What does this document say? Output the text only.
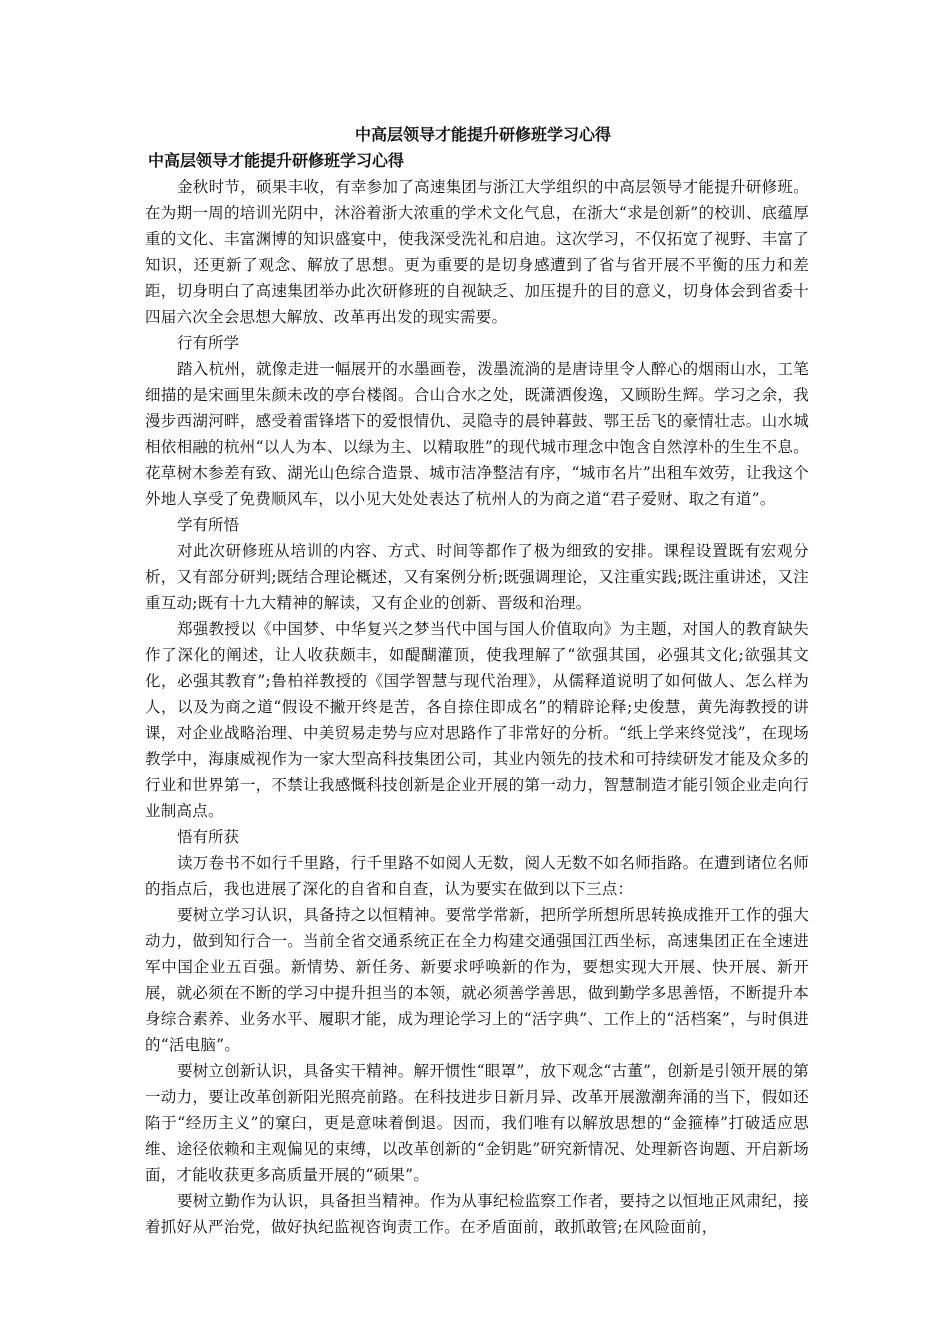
中高层领导才能提升研修班学习心得
中高层领导才能提升研修班学习心得

金秋时节，硕果丰收，有幸参加了高速集团与浙江大学组织的中高层领导才能提升研修班。在为期一周的培训光阴中，沐浴着浙大浓重的学术文化气息，在浙大“求是创新”的校训、底蕴厚重的文化、丰富渊博的知识盛宴中，使我深受洗礼和启迪。这次学习，不仅拓宽了视野、丰富了知识，还更新了观念、解放了思想。更为重要的是切身感遭到了省与省开展不平衡的压力和差距，切身明白了高速集团举办此次研修班的自视缺乏、加压提升的目的意义，切身体会到省委十四届六次全会思想大解放、改革再出发的现实需要。

行有所学

踏入杭州，就像走进一幅展开的水墨画卷，泼墨流淌的是唐诗里令人醉心的烟雨山水，工笔细描的是宋画里朱颜未改的亭台楼阁。合山合水之处，既潇洒俊逸，又顾盼生辉。学习之余，我漫步西湖河畔，感受着雷锋塔下的爱恨情仇、灵隐寺的晨钟暮鼓、鄂王岳飞的豪情壮志。山水城相依相融的杭州“以人为本、以绿为主、以精取胜”的现代城市理念中饱含自然淳朴的生生不息。花草树木参差有致、湖光山色综合造景、城市洁净整洁有序，“城市名片”出租车效劳，让我这个外地人享受了免费顺风车，以小见大处处表达了杭州人的为商之道“君子爱财、取之有道”。

学有所悟

对此次研修班从培训的内容、方式、时间等都作了极为细致的安排。课程设置既有宏观分析，又有部分研判;既结合理论概述，又有案例分析;既强调理论，又注重实践;既注重讲述，又注重互动;既有十九大精神的解读，又有企业的创新、晋级和治理。

郑强教授以《中国梦、中华复兴之梦当代中国与国人价值取向》为主题，对国人的教育缺失作了深化的阐述，让人收获颇丰，如醍醐灌顶，使我理解了“欲强其国，必强其文化;欲强其文化，必强其教育”;鲁柏祥教授的《国学智慧与现代治理》，从儒释道说明了如何做人、怎么样为人，以及为商之道“假设不撇开终是苦，各自捺住即成名”的精辟论释;史俊慧，黄先海教授的讲课，对企业战略治理、中美贸易走势与应对思路作了非常好的分析。“纸上学来终觉浅”，在现场教学中，海康威视作为一家大型高科技集团公司，其业内领先的技术和可持续研发才能及众多的行业和世界第一，不禁让我感慨科技创新是企业开展的第一动力，智慧制造才能引领企业走向行业制高点。

悟有所获

读万卷书不如行千里路，行千里路不如阅人无数，阅人无数不如名师指路。在遭到诸位名师的指点后，我也进展了深化的自省和自查，认为要实在做到以下三点：

要树立学习认识，具备持之以恒精神。要常学常新，把所学所想所思转换成推开工作的强大动力，做到知行合一。当前全省交通系统正在全力构建交通强国江西坐标，高速集团正在全速进军中国企业五百强。新情势、新任务、新要求呼唤新的作为，要想实现大开展、快开展、新开展，就必须在不断的学习中提升担当的本领，就必须善学善思，做到勤学多思善悟，不断提升本身综合素养、业务水平、履职才能，成为理论学习上的“活字典”、工作上的“活档案”，与时俱进的“活电脑”。

要树立创新认识，具备实干精神。解开惯性“眼罩”，放下观念“古董”，创新是引领开展的第一动力，要让改革创新阳光照亮前路。在科技进步日新月异、改革开展激潮奔涌的当下，假如还陷于“经历主义”的窠臼，更是意味着倒退。因而，我们唯有以解放思想的“金箍棒”打破适应思维、途径依赖和主观偏见的束缚，以改革创新的“金钥匙”研究新情况、处理新咨询题、开启新场面，才能收获更多高质量开展的“硕果”。

要树立勤作为认识，具备担当精神。作为从事纪检监察工作者，要持之以恒地正风肃纪，接着抓好从严治党，做好执纪监视咨询责工作。在矛盾面前，敢抓敢管;在风险面前，
